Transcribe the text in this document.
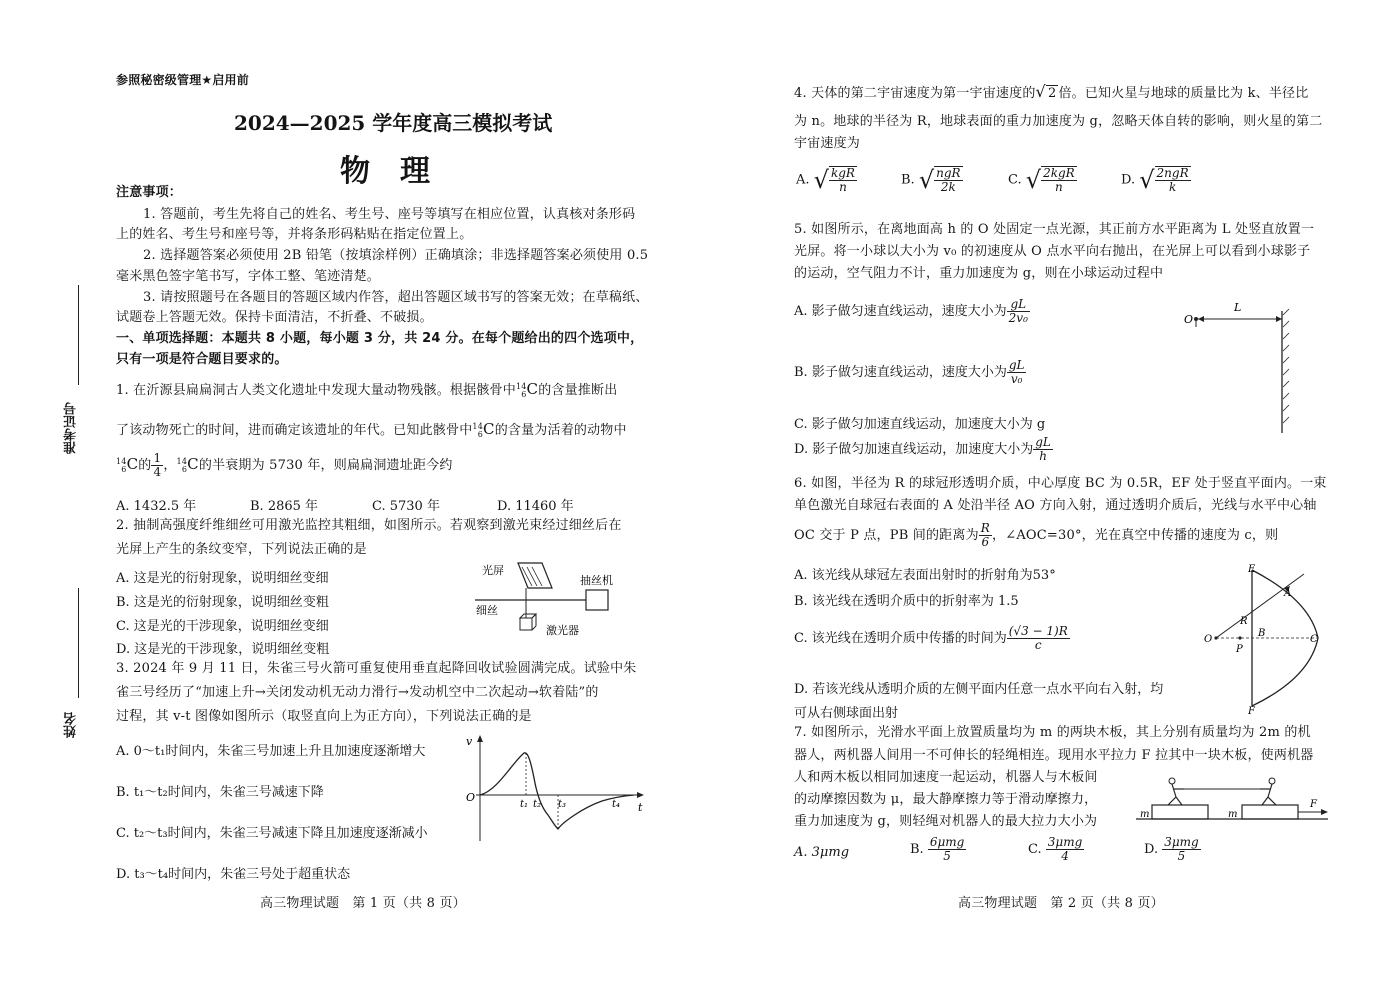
参照秘密级管理★启用前
2024—2025 学年度高三模拟考试
物　理
注意事项：
1. 答题前，考生先将自己的姓名、考生号、座号等填写在相应位置，认真核对条形码
上的姓名、考生号和座号等，并将条形码粘贴在指定位置上。
2. 选择题答案必须使用 2B 铅笔（按填涂样例）正确填涂；非选择题答案必须使用 0.5
毫米黑色签字笔书写，字体工整、笔迹清楚。
3. 请按照题号在各题目的答题区域内作答，超出答题区域书写的答案无效；在草稿纸、
试题卷上答题无效。保持卡面清洁，不折叠、不破损。
一、单项选择题：本题共 8 小题，每小题 3 分，共 24 分。在每个题给出的四个选项中，
只有一项是符合题目要求的。
准考证号
姓名
1. 在沂源县扁扁洞古人类文化遗址中发现大量动物残骸。根据骸骨中 14
6 C的含量推断出
了该动物死亡的时间，进而确定该遗址的年代。已知此骸骨中 14
6 C的含量为活着的动物中
14
6 C的 $\frac{1}{4}$ ， 14
6 C的半衰期为 5730 年，则扁扁洞遗址距今约
A. 1432.5 年	B. 2865 年	C. 5730 年	D. 11460 年
2. 抽制高强度纤维细丝可用激光监控其粗细，如图所示。若观察到激光束经过细丝后在
光屏上产生的条纹变窄，下列说法正确的是
A. 这是光的衍射现象，说明细丝变细
B. 这是光的衍射现象，说明细丝变粗
C. 这是光的干涉现象，说明细丝变细
D. 这是光的干涉现象，说明细丝变粗
光屏
抽丝机
细丝
激光器
3. 2024 年 9 月 11 日，朱雀三号火箭可重复使用垂直起降回收试验圆满完成。试验中朱
雀三号经历了“加速上升→关闭发动机无动力滑行→发动机空中二次起动→软着陆”的
过程，其 v-t 图像如图所示（取竖直向上为正方向），下列说法正确的是
A. 0～t₁时间内，朱雀三号加速上升且加速度逐渐增大
B. t₁～t₂时间内，朱雀三号减速下降
C. t₂～t₃时间内，朱雀三号减速下降且加速度逐渐减小
D. t₃～t₄时间内，朱雀三号处于超重状态
v
t
O
t₁ t₂ t₃	t₄
高三物理试题　第 1 页（共 8 页）
4. 天体的第二宇宙速度为第一宇宙速度的√ 2 倍。已知火星与地球的质量比为 k、半径比
为 n。地球的半径为 R，地球表面的重力加速度为 g，忽略天体自转的影响，则火星的第二
宇宙速度为
A. √ $\frac{\text{kgR}}{n}$	B. √ $\frac{\text{ngR}}{2k}$	C. √ $\frac{\text{2kgR}}{n}$	D. √ $\frac{\text{2ngR}}{k}$
5. 如图所示，在离地面高 h 的 O 处固定一点光源，其正前方水平距离为 L 处竖直放置一
光屏。将一小球以大小为 v₀ 的初速度从 O 点水平向右抛出，在光屏上可以看到小球影子
的运动，空气阻力不计，重力加速度为 g，则在小球运动过程中
A. 影子做匀速直线运动，速度大小为 $\frac{gL}{\text{2v₀}}$
B. 影子做匀速直线运动，速度大小为 $\frac{gL}{\text{v₀}}$
C. 影子做匀加速直线运动，加速度大小为 g
D. 影子做匀加速直线运动，加速度大小为 $\frac{gL}{h}$
O
L
6. 如图，半径为 R 的球冠形透明介质，中心厚度 BC 为 0.5R，EF 处于竖直平面内。一束
单色激光自球冠右表面的 A 处沿半径 AO 方向入射，通过透明介质后，光线与水平中心轴
OC 交于 P 点，PB 间的距离为 $\frac{R}{6}$ ，∠AOC=30°，光在真空中传播的速度为 c，则
A. 该光线从球冠左表面出射时的折射角为53°
B. 该光线在透明介质中的折射率为 1.5
C. 该光线在透明介质中传播的时间为 $\frac{(√3 - 1)R}{c}$
D. 若该光线从透明介质的左侧平面内任意一点水平向右入射，均
可从右侧球面出射
E
A
R
O
B
C
P
F
7. 如图所示，光滑水平面上放置质量均为 m 的两块木板，其上分别有质量均为 2m 的机
器人，两机器人间用一不可伸长的轻绳相连。现用水平拉力 F 拉其中一块木板，使两机器
人和两木板以相同加速度一起运动，机器人与木板间
的动摩擦因数为 μ，最大静摩擦力等于滑动摩擦力，
重力加速度为 g，则轻绳对机器人的最大拉力大小为
A. 3μmg	B. $\frac{\text{6μmg}}{5}$	C. $\frac{\text{3μmg}}{4}$	D. $\frac{\text{3μmg}}{5}$
m	m
F
高三物理试题　第 2 页（共 8 页）
